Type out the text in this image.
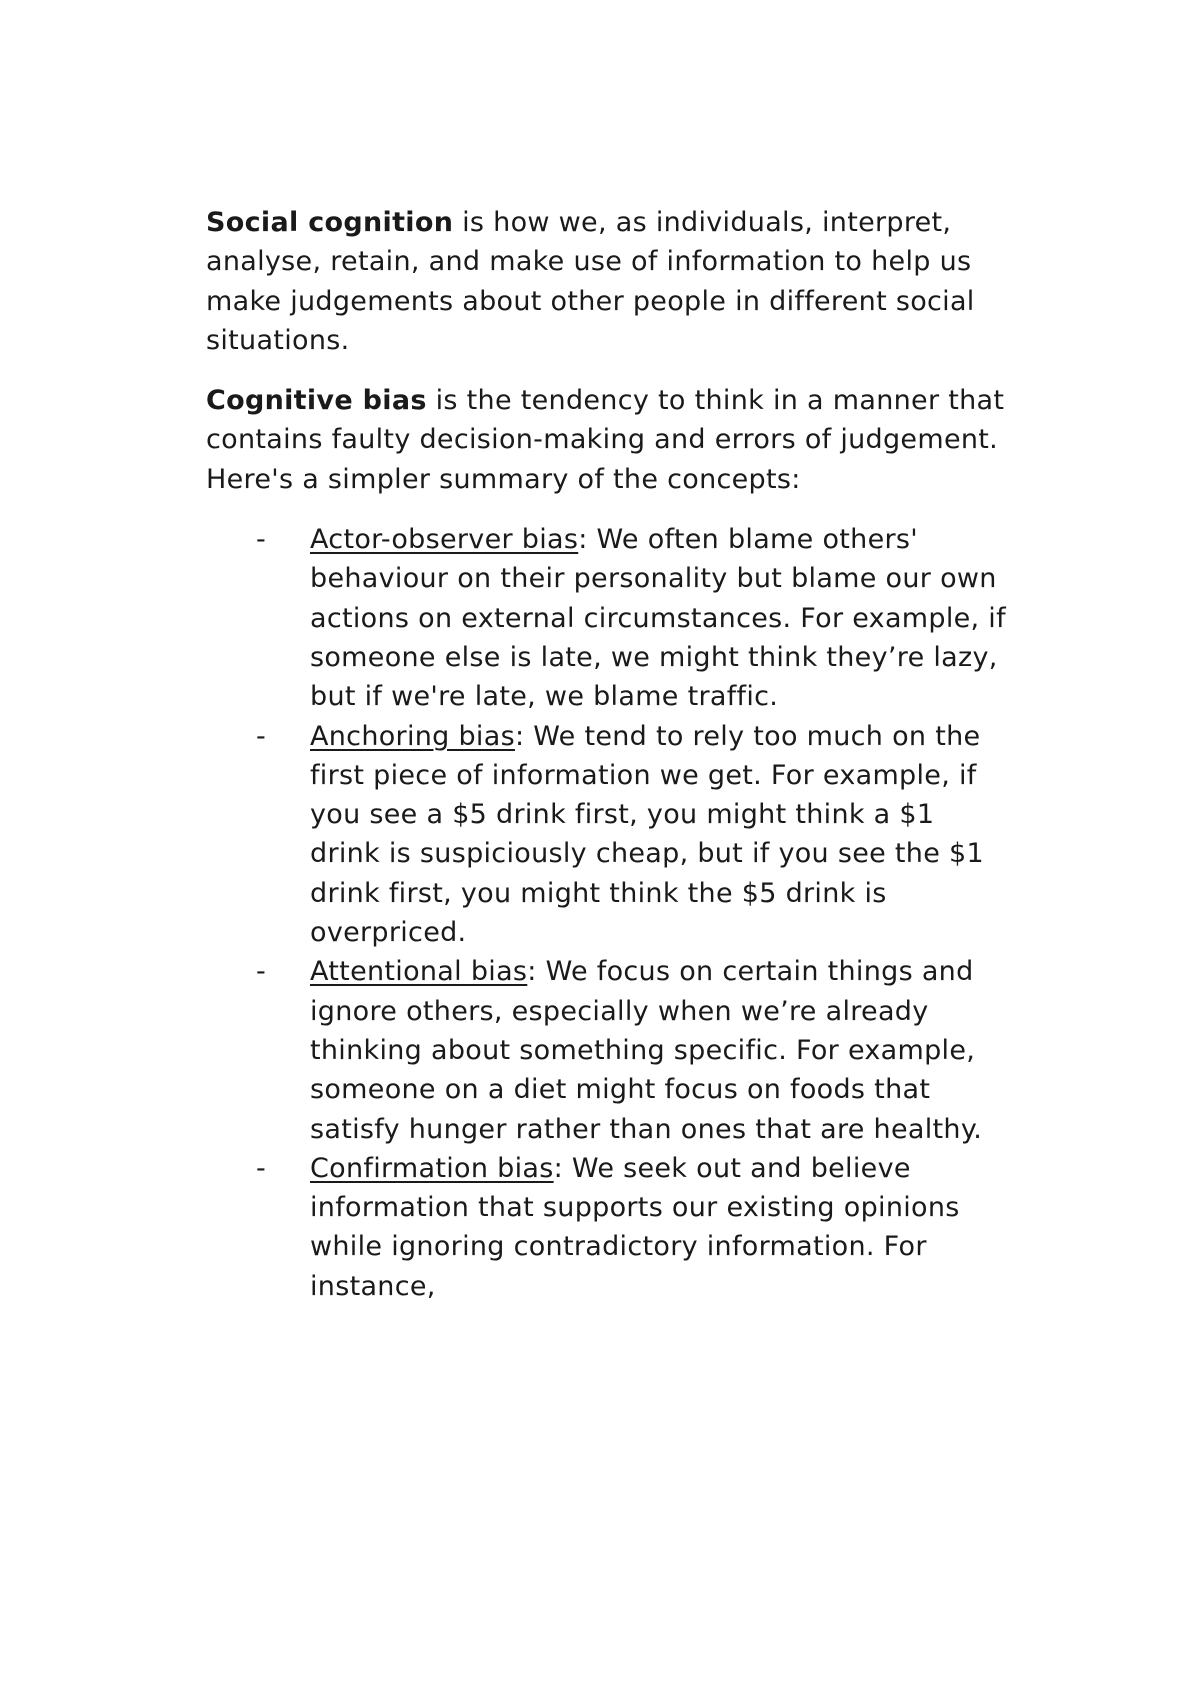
Social cognition is how we, as individuals, interpret, analyse, retain, and make use of information to help us make judgements about other people in different social situations.

Cognitive bias is the tendency to think in a manner that contains faulty decision-making and errors of judgement. Here's a simpler summary of the concepts:

- Actor-observer bias: We often blame others' behaviour on their personality but blame our own actions on external circumstances. For example, if someone else is late, we might think they’re lazy, but if we're late, we blame traffic.
- Anchoring bias: We tend to rely too much on the first piece of information we get. For example, if you see a $5 drink first, you might think a $1 drink is suspiciously cheap, but if you see the $1 drink first, you might think the $5 drink is overpriced.
- Attentional bias: We focus on certain things and ignore others, especially when we’re already thinking about something specific. For example, someone on a diet might focus on foods that satisfy hunger rather than ones that are healthy.
- Confirmation bias: We seek out and believe information that supports our existing opinions while ignoring contradictory information. For instance,
